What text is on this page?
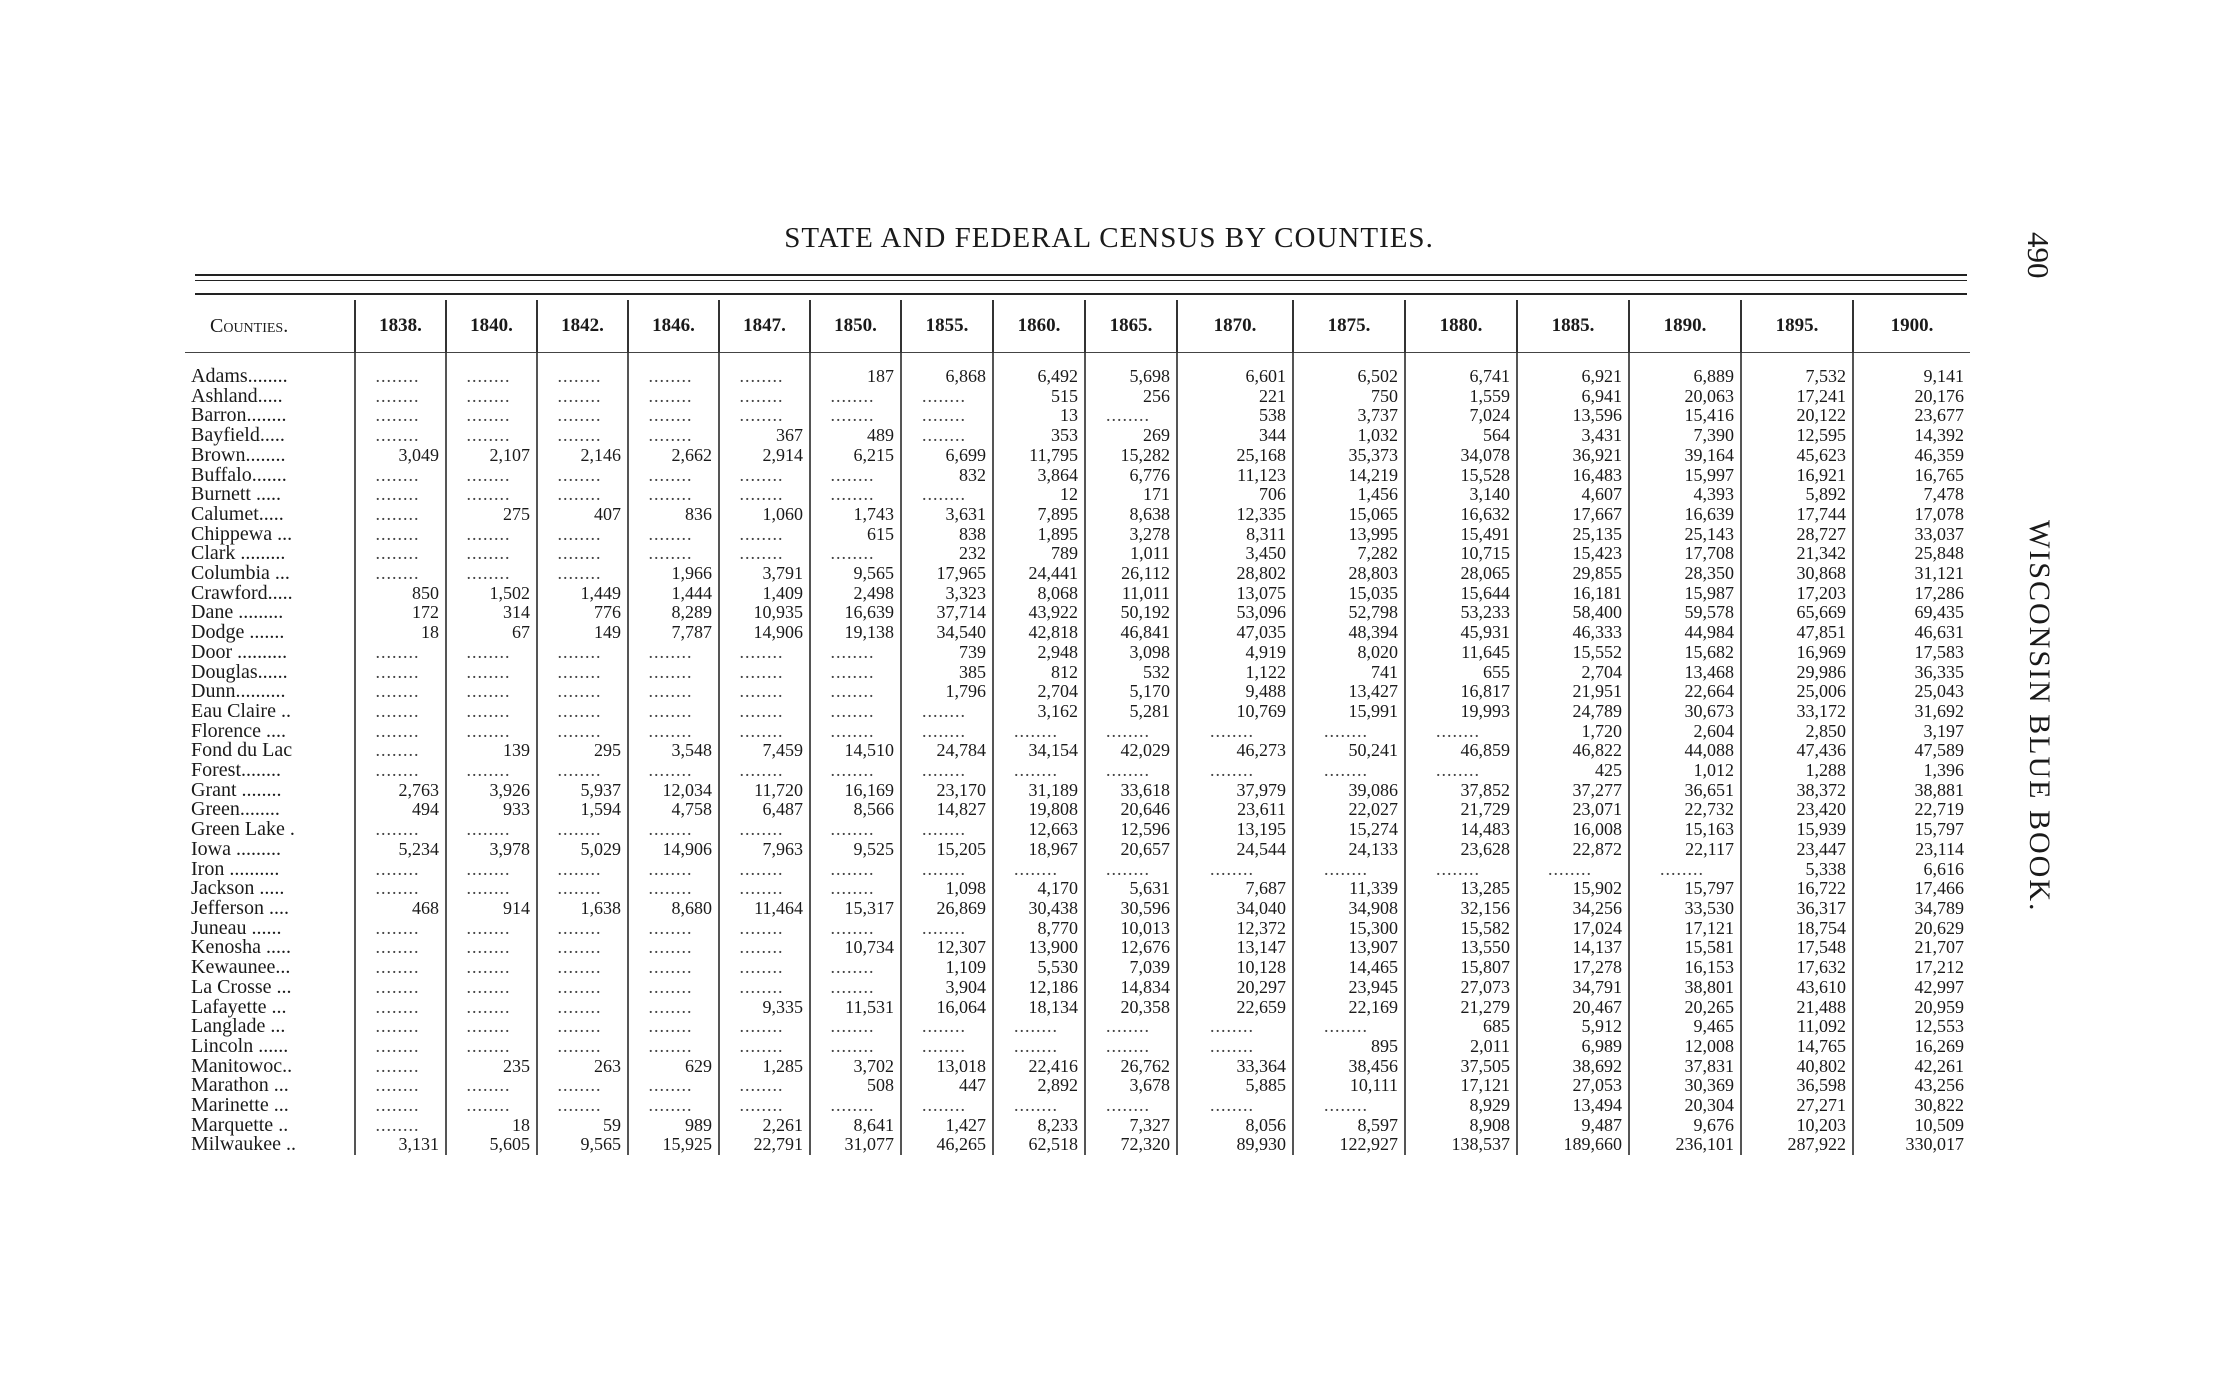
STATE AND FEDERAL CENSUS BY COUNTIES.	490
WISCONSIN BLUE BOOK.
Counties.	1838.	1840.	1842.	1846.	1847.	1850.	1855.	1860.	1865.	1870.	1875.	1880.	1885.	1890.	1895.	1900.

Adams........	........	........	........	........	........	187	6,868	6,492	5,698	6,601	6,502	6,741	6,921	6,889	7,532	9,141
Ashland.....	........	........	........	........	........	........	........	515	256	221	750	1,559	6,941	20,063	17,241	20,176
Barron........	........	........	........	........	........	........	........	13	........	538	3,737	7,024	13,596	15,416	20,122	23,677
Bayfield.....	........	........	........	........	367	489	........	353	269	344	1,032	564	3,431	7,390	12,595	14,392
Brown........	3,049	2,107	2,146	2,662	2,914	6,215	6,699	11,795	15,282	25,168	35,373	34,078	36,921	39,164	45,623	46,359
Buffalo.......	........	........	........	........	........	........	832	3,864	6,776	11,123	14,219	15,528	16,483	15,997	16,921	16,765
Burnett .....	........	........	........	........	........	........	........	12	171	706	1,456	3,140	4,607	4,393	5,892	7,478
Calumet.....	........	275	407	836	1,060	1,743	3,631	7,895	8,638	12,335	15,065	16,632	17,667	16,639	17,744	17,078
Chippewa ...	........	........	........	........	........	615	838	1,895	3,278	8,311	13,995	15,491	25,135	25,143	28,727	33,037
Clark .........	........	........	........	........	........	........	232	789	1,011	3,450	7,282	10,715	15,423	17,708	21,342	25,848
Columbia ...	........	........	........	1,966	3,791	9,565	17,965	24,441	26,112	28,802	28,803	28,065	29,855	28,350	30,868	31,121
Crawford.....	850	1,502	1,449	1,444	1,409	2,498	3,323	8,068	11,011	13,075	15,035	15,644	16,181	15,987	17,203	17,286
Dane .........	172	314	776	8,289	10,935	16,639	37,714	43,922	50,192	53,096	52,798	53,233	58,400	59,578	65,669	69,435
Dodge .......	18	67	149	7,787	14,906	19,138	34,540	42,818	46,841	47,035	48,394	45,931	46,333	44,984	47,851	46,631
Door ..........	........	........	........	........	........	........	739	2,948	3,098	4,919	8,020	11,645	15,552	15,682	16,969	17,583
Douglas......	........	........	........	........	........	........	385	812	532	1,122	741	655	2,704	13,468	29,986	36,335
Dunn..........	........	........	........	........	........	........	1,796	2,704	5,170	9,488	13,427	16,817	21,951	22,664	25,006	25,043
Eau Claire ..	........	........	........	........	........	........	........	3,162	5,281	10,769	15,991	19,993	24,789	30,673	33,172	31,692
Florence ....	........	........	........	........	........	........	........	........	........	........	........	........	1,720	2,604	2,850	3,197
Fond du Lac	........	139	295	3,548	7,459	14,510	24,784	34,154	42,029	46,273	50,241	46,859	46,822	44,088	47,436	47,589
Forest........	........	........	........	........	........	........	........	........	........	........	........	........	425	1,012	1,288	1,396
Grant ........	2,763	3,926	5,937	12,034	11,720	16,169	23,170	31,189	33,618	37,979	39,086	37,852	37,277	36,651	38,372	38,881
Green........	494	933	1,594	4,758	6,487	8,566	14,827	19,808	20,646	23,611	22,027	21,729	23,071	22,732	23,420	22,719
Green Lake .	........	........	........	........	........	........	........	12,663	12,596	13,195	15,274	14,483	16,008	15,163	15,939	15,797
Iowa .........	5,234	3,978	5,029	14,906	7,963	9,525	15,205	18,967	20,657	24,544	24,133	23,628	22,872	22,117	23,447	23,114
Iron ..........	........	........	........	........	........	........	........	........	........	........	........	........	........	........	5,338	6,616
Jackson .....	........	........	........	........	........	........	1,098	4,170	5,631	7,687	11,339	13,285	15,902	15,797	16,722	17,466
Jefferson ....	468	914	1,638	8,680	11,464	15,317	26,869	30,438	30,596	34,040	34,908	32,156	34,256	33,530	36,317	34,789
Juneau ......	........	........	........	........	........	........	........	8,770	10,013	12,372	15,300	15,582	17,024	17,121	18,754	20,629
Kenosha .....	........	........	........	........	........	10,734	12,307	13,900	12,676	13,147	13,907	13,550	14,137	15,581	17,548	21,707
Kewaunee...	........	........	........	........	........	........	1,109	5,530	7,039	10,128	14,465	15,807	17,278	16,153	17,632	17,212
La Crosse ...	........	........	........	........	........	........	3,904	12,186	14,834	20,297	23,945	27,073	34,791	38,801	43,610	42,997
Lafayette ...	........	........	........	........	9,335	11,531	16,064	18,134	20,358	22,659	22,169	21,279	20,467	20,265	21,488	20,959
Langlade ...	........	........	........	........	........	........	........	........	........	........	........	685	5,912	9,465	11,092	12,553
Lincoln ......	........	........	........	........	........	........	........	........	........	........	895	2,011	6,989	12,008	14,765	16,269
Manitowoc..	........	235	263	629	1,285	3,702	13,018	22,416	26,762	33,364	38,456	37,505	38,692	37,831	40,802	42,261
Marathon ...	........	........	........	........	........	508	447	2,892	3,678	5,885	10,111	17,121	27,053	30,369	36,598	43,256
Marinette ...	........	........	........	........	........	........	........	........	........	........	........	8,929	13,494	20,304	27,271	30,822
Marquette ..	........	18	59	989	2,261	8,641	1,427	8,233	7,327	8,056	8,597	8,908	9,487	9,676	10,203	10,509
Milwaukee ..	3,131	5,605	9,565	15,925	22,791	31,077	46,265	62,518	72,320	89,930	122,927	138,537	189,660	236,101	287,922	330,017
